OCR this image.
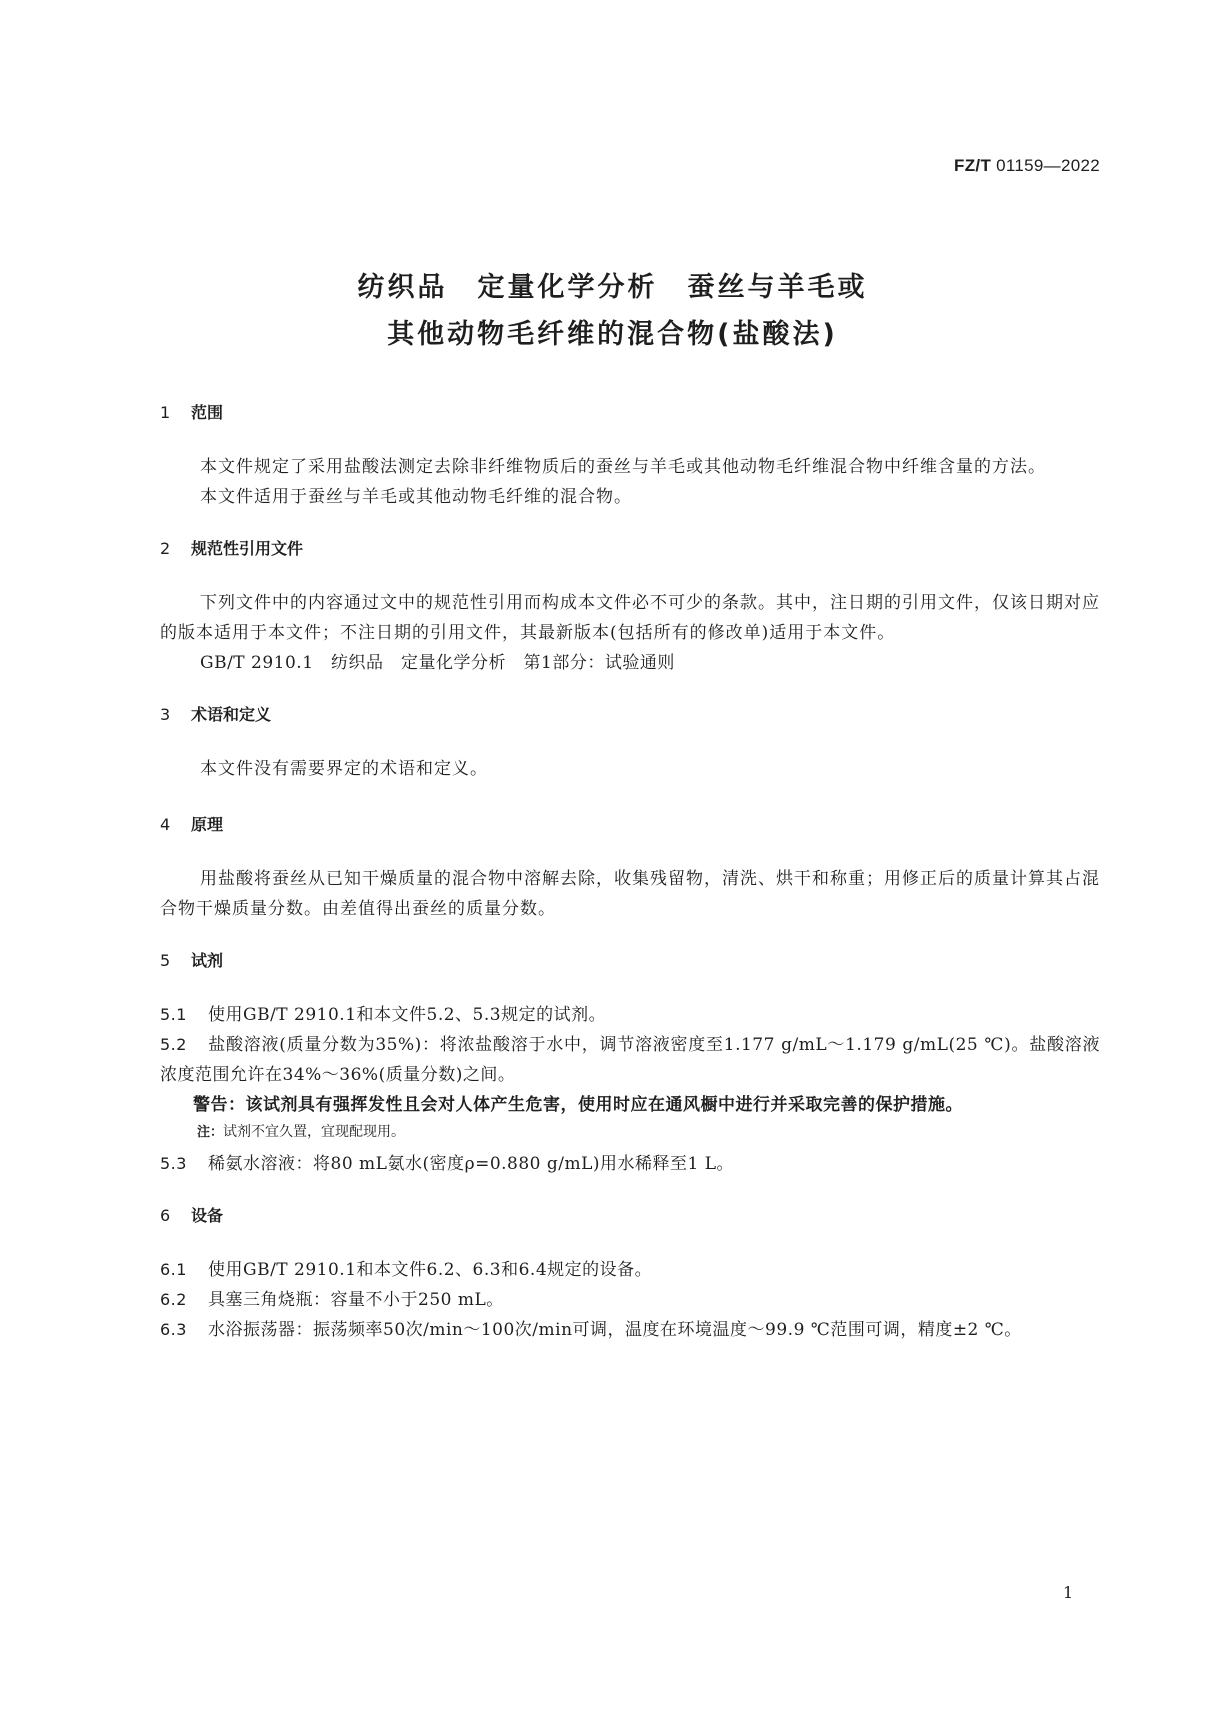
FZ/T 01159—2022
纺织品　定量化学分析　蚕丝与羊毛或
其他动物毛纤维的混合物(盐酸法)
1 范围
本文件规定了采用盐酸法测定去除非纤维物质后的蚕丝与羊毛或其他动物毛纤维混合物中纤维含量的方法。
本文件适用于蚕丝与羊毛或其他动物毛纤维的混合物。
2 规范性引用文件
下列文件中的内容通过文中的规范性引用而构成本文件必不可少的条款。其中，注日期的引用文件，仅该日期对应的版本适用于本文件；不注日期的引用文件，其最新版本(包括所有的修改单)适用于本文件。
GB/T 2910.1　纺织品　定量化学分析　第1部分：试验通则
3 术语和定义
本文件没有需要界定的术语和定义。
4 原理
用盐酸将蚕丝从已知干燥质量的混合物中溶解去除，收集残留物，清洗、烘干和称重；用修正后的质量计算其占混合物干燥质量分数。由差值得出蚕丝的质量分数。
5 试剂
5.1 使用GB/T 2910.1和本文件5.2、5.3规定的试剂。
5.2 盐酸溶液(质量分数为35%)：将浓盐酸溶于水中，调节溶液密度至1.177 g/mL～1.179 g/mL(25 ℃)。盐酸溶液浓度范围允许在34%～36%(质量分数)之间。
警告：该试剂具有强挥发性且会对人体产生危害，使用时应在通风橱中进行并采取完善的保护措施。
注：试剂不宜久置，宜现配现用。
5.3 稀氨水溶液：将80 mL氨水(密度ρ=0.880 g/mL)用水稀释至1 L。
6 设备
6.1 使用GB/T 2910.1和本文件6.2、6.3和6.4规定的设备。
6.2 具塞三角烧瓶：容量不小于250 mL。
6.3 水浴振荡器：振荡频率50次/min～100次/min可调，温度在环境温度～99.9 ℃范围可调，精度±2 ℃。
1
